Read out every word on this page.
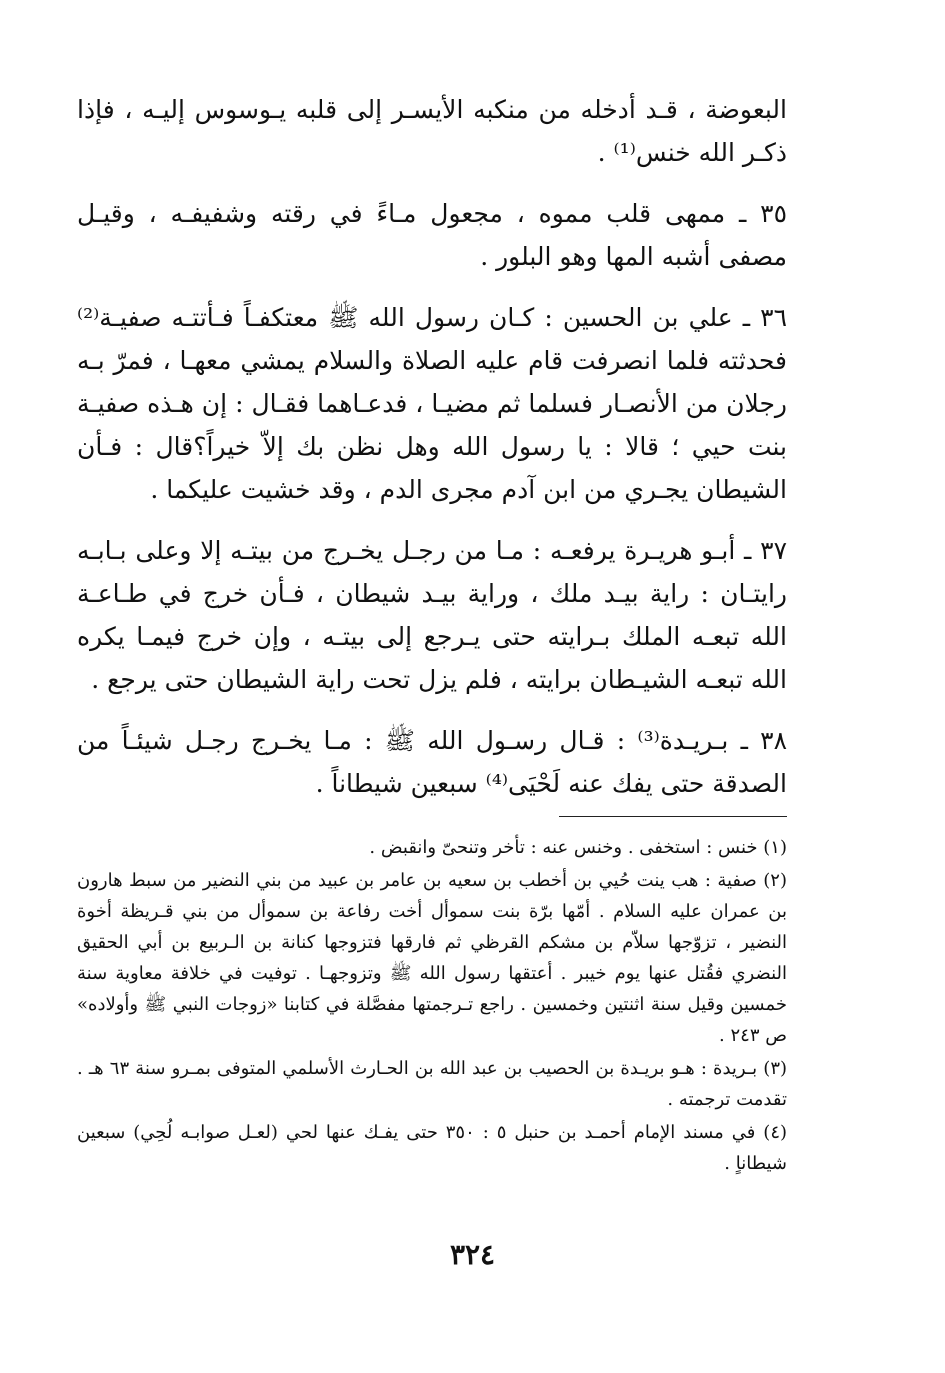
البعوضة ، قـد أدخله من منكبه الأيسـر إلى قلبه يـوسوس إليـه ، فإذا ذكـر الله خنس⁽¹⁾ .

٣٥ ـ ممهى قلب مموه ، مجعول مـاءً في رقته وشفيفـه ، وقيـل مصفى أشبه المها وهو البلور .

٣٦ ـ علي بن الحسين : كـان رسول الله ﷺ معتكفـاً فـأتتـه صفيـة⁽²⁾ فحدثته فلما انصرفت قام عليه الصلاة والسلام يمشي معهـا ، فمرّ بـه رجلان من الأنصـار فسلما ثم مضيـا ، فدعـاهما فقـال : إن هـذه صفيـة بنت حيي ؛ قالا : يا رسول الله وهل نظن بك إلاّ خيراً؟قال : فـأن الشيطان يجـري من ابن آدم مجرى الدم ، وقد خشيت عليكما .

٣٧ ـ أبـو هريـرة يرفعـه : مـا من رجـل يخـرج من بيتـه إلا وعلى بـابـه رايتـان : راية بيـد ملك ، وراية بيـد شيطان ، فـأن خرج في طـاعـة الله تبعـه الملك بـرايته حتى يـرجع إلى بيتـه ، وإن خرج فيمـا يكره الله تبعـه الشيـطان برايته ، فلم يزل تحت راية الشيطان حتى يرجع .

٣٨ ـ بـريـدة⁽³⁾ : قـال رسـول الله ﷺ : مـا يخـرج رجـل شيئـاً من الصدقة حتى يفك عنه لَحْيَى⁽⁴⁾ سبعين شيطاناً .

(١) خنس : استخفى . وخنس عنه : تأخر وتنحىّ وانقبض .

(٢) صفية : هب ينت حُيي بن أخطب بن سعيه بن عامر بن عبيد من بني النضير من سبط هارون بن عمران عليه السلام . أمّها برّة بنت سموأل أخت رفاعة بن سموأل من بني قـريظة أخوة النضير ، تزوّجها سلاّم بن مشكم القرظي ثم فارقها فتزوجها كنانة بن الـربيع بن أبي الحقيق النضري فقُتل عنها يوم خيبر . أعتقها رسول الله ﷺ وتزوجهـا . توفيت في خلافة معاوية سنة خمسين وقيل سنة اثنتين وخمسين . راجع تـرجمتها مفصَّلة في كتابنا «زوجات النبي ﷺ وأولاده» ص ٢٤٣ .

(٣) بـريدة : هـو بريـدة بن الحصيب بن عبد الله بن الحـارث الأسلمي المتوفى بمـرو سنة ٦٣ هـ . تقدمت ترجمته .

(٤) في مسند الإمام أحمـد بن حنبل ٥ : ٣٥٠ حتى يفـك عنها لحي (لعـل صوابـه لُحِي) سبعين شيطاناٍ .

٣٢٤
